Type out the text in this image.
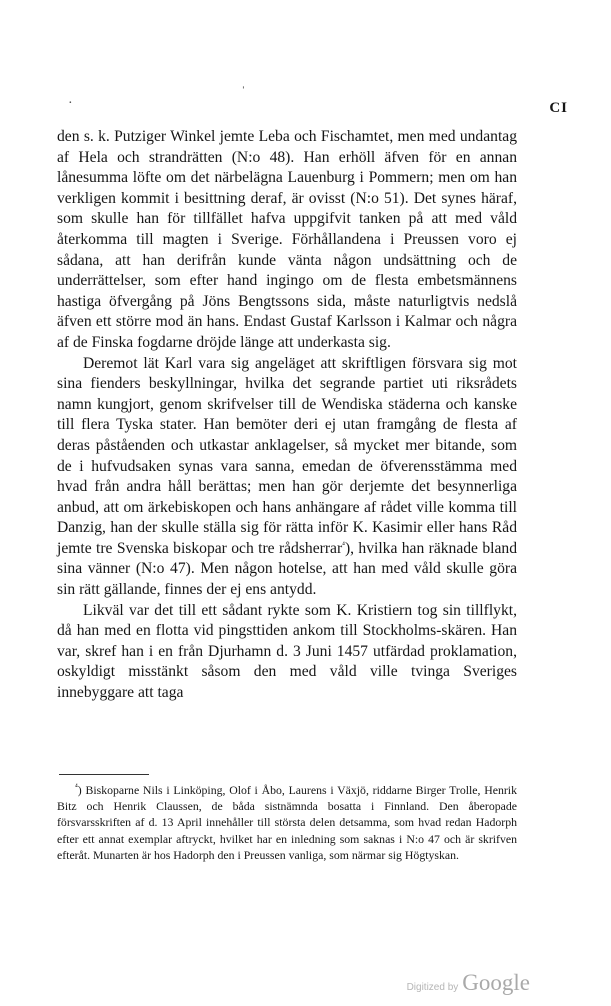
·
ˈ
CI

den s. k. Putziger Winkel jemte Leba och Fischamtet, men med undantag af Hela och strandrätten (N:o 48). Han erhöll äfven för en annan lånesumma löfte om det närbelägna Lauenburg i Pommern; men om han verkligen kommit i besittning deraf, är ovisst (N:o 51). Det synes häraf, som skulle han för tillfället hafva uppgifvit tanken på att med våld återkomma till magten i Sverige. Förhållandena i Preussen voro ej sådana, att han derifrån kunde vänta någon undsättning och de underrättelser, som efter hand ingingo om de flesta embetsmännens hastiga öfvergång på Jöns Bengtssons sida, måste naturligtvis nedslå äfven ett större mod än hans. Endast Gustaf Karlsson i Kalmar och några af de Finska fogdarne dröjde länge att underkasta sig.

Deremot lät Karl vara sig angeläget att skriftligen försvara sig mot sina fienders beskyllningar, hvilka det segrande partiet uti riksrådets namn kungjort, genom skrifvelser till de Wendiska städerna och kanske till flera Tyska stater. Han bemöter deri ej utan framgång de flesta af deras påståenden och utkastar anklagelser, så mycket mer bitande, som de i hufvudsaken synas vara sanna, emedan de öfverensstämma med hvad från andra håll berättas; men han gör derjemte det besynnerliga anbud, att om ärkebiskopen och hans anhängare af rådet ville komma till Danzig, han der skulle ställa sig för rätta inför K. Kasimir eller hans Råd jemte tre Svenska biskopar och tre rådsherrar$^{^4}$), hvilka han räknade bland sina vänner (N:o 47). Men någon hotelse, att han med våld skulle göra sin rätt gällande, finnes der ej ens antydd.

Likväl var det till ett sådant rykte som K. Kristiern tog sin tillflykt, då han med en flotta vid pingsttiden ankom till Stockholms-skären. Han var, skref han i en från Djurhamn d. 3 Juni 1457 utfärdad proklamation, oskyldigt misstänkt såsom den med våld ville tvinga Sveriges innebyggare att taga

$^{^4}$) Biskoparne Nils i Linköping, Olof i Åbo, Laurens i Växjö, riddarne Birger Trolle, Henrik Bitz och Henrik Claussen, de båda sistnämnda bosatta i Finnland. Den åberopade försvarsskriften af d. 13 April innehåller till största delen detsamma, som hvad redan Hadorph efter ett annat exemplar aftryckt, hvilket har en inledning som saknas i N:o 47 och är skrifven efteråt. Munarten är hos Hadorph den i Preussen vanliga, som närmar sig Högtyskan.
Digitized by Google
